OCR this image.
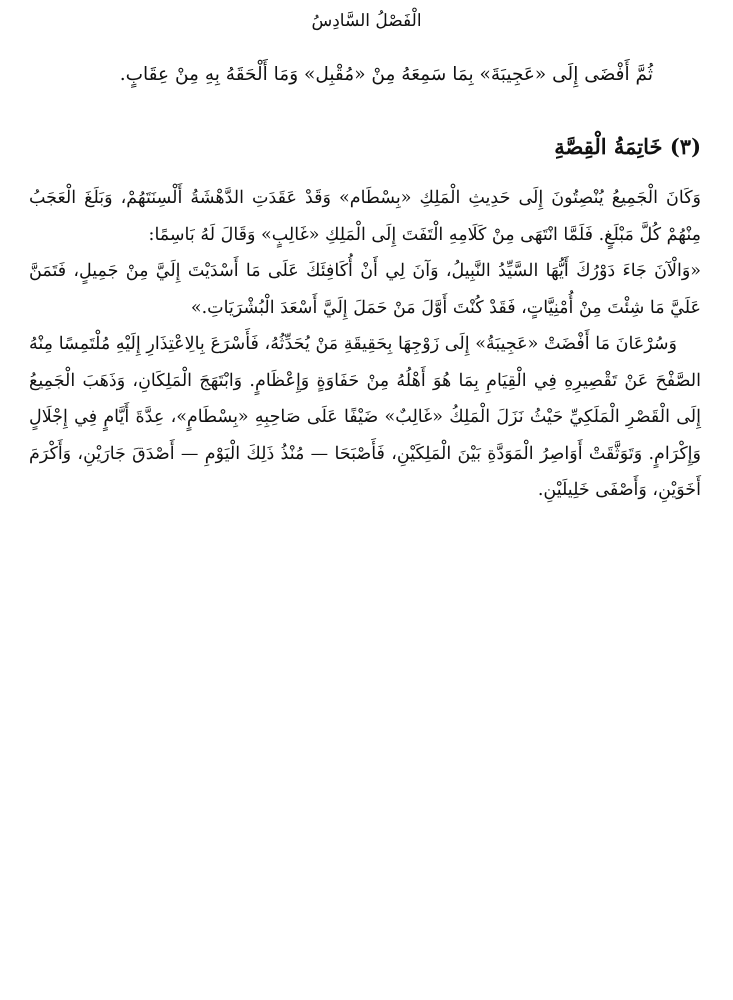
الْفَصْلُ السَّادِسُ
ثُمَّ أَفْضَى إِلَى «عَجِيبَةَ» بِمَا سَمِعَهُ مِنْ «مُقْبِل» وَمَا أَلْحَقَهُ بِهِ مِنْ عِقَابٍ.
(٣) خَاتِمَةُ الْقِصَّةِ

وَكَانَ الْجَمِيعُ يُنْصِتُونَ إِلَى حَدِيثِ الْمَلِكِ «بِسْطَام» وَقَدْ عَقَدَتِ الدَّهْشَةُ أَلْسِنَتَهُمْ، وَبَلَغَ الْعَجَبُ مِنْهُمْ كُلَّ مَبْلَغٍ. فَلَمَّا انْتَهَى مِنْ كَلَامِهِ الْتَفَتَ إِلَى الْمَلِكِ «غَالِبٍ» وَقَالَ لَهُ بَاسِمًا:

«وَالْآنَ جَاءَ دَوْرُكَ أَيُّهَا السَّيِّدُ النَّبِيلُ، وَآنَ لِي أَنْ أُكَافِئَكَ عَلَى مَا أَسْدَيْتَ إِلَيَّ مِنْ جَمِيلٍ، فَتَمَنَّ عَلَيَّ مَا شِئْتَ مِنْ أُمْنِيَّاتٍ، فَقَدْ كُنْتَ أَوَّلَ مَنْ حَمَلَ إِلَيَّ أَسْعَدَ الْبُشْرَيَاتِ.»

وَسُرْعَانَ مَا أَفْضَتْ «عَجِيبَةُ» إِلَى زَوْجِهَا بِحَقِيقَةِ مَنْ يُحَدِّثُهُ، فَأَسْرَعَ بِالِاعْتِذَارِ إِلَيْهِ مُلْتَمِسًا مِنْهُ الصَّفْحَ عَنْ تَقْصِيرِهِ فِي الْقِيَامِ بِمَا هُوَ أَهْلُهُ مِنْ حَفَاوَةٍ وَإِعْظَامٍ. وَابْتَهَجَ الْمَلِكَانِ، وَذَهَبَ الْجَمِيعُ إِلَى الْقَصْرِ الْمَلَكِيِّ حَيْثُ نَزَلَ الْمَلِكُ «غَالِبٌ» ضَيْفًا عَلَى صَاحِبِهِ «بِسْطَامٍ»، عِدَّةَ أَيَّامٍ فِي إِجْلَالٍ وَإِكْرَامٍ. وَتَوَثَّقَتْ أَوَاصِرُ الْمَوَدَّةِ بَيْنَ الْمَلِكَيْنِ، فَأَصْبَحَا — مُنْذُ ذَلِكَ الْيَوْمِ — أَصْدَقَ جَارَيْنِ، وَأَكْرَمَ أَخَوَيْنِ، وَأَصْفَى خَلِيلَيْنِ.
